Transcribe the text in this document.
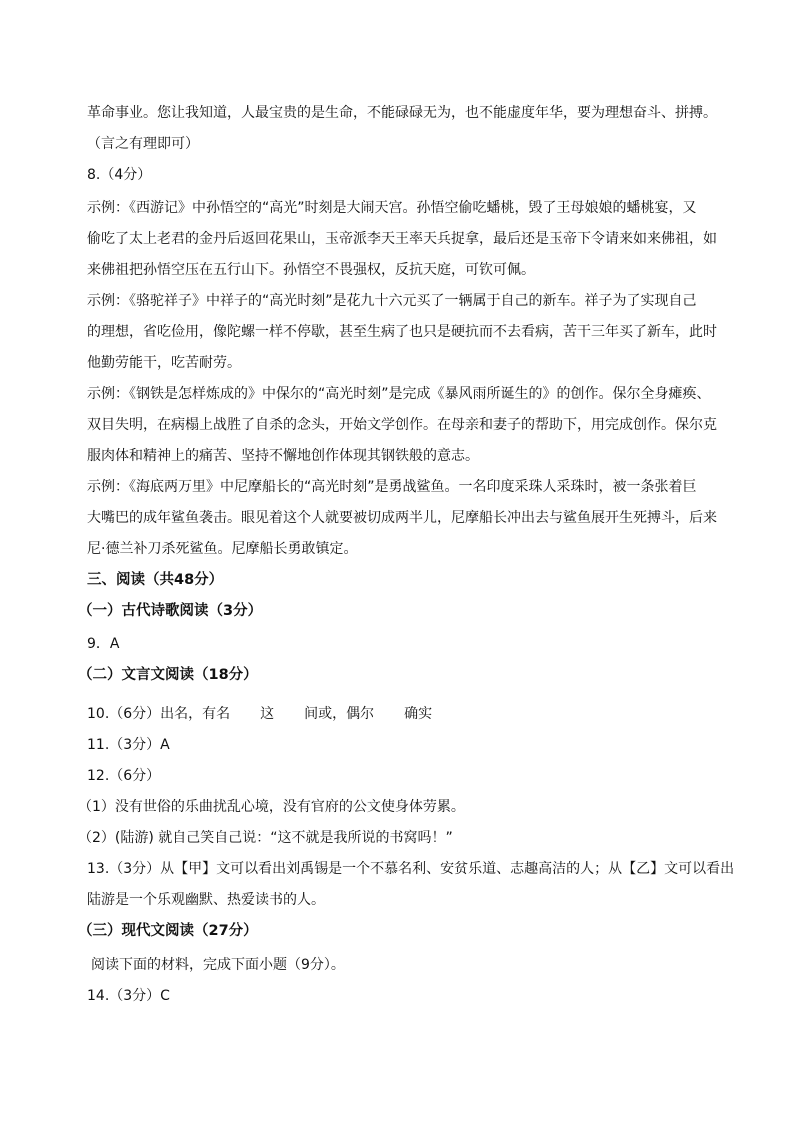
革命事业。您让我知道，人最宝贵的是生命，不能碌碌无为，也不能虚度年华，要为理想奋斗、拼搏。
（言之有理即可）
8.（4分）
示例：《西游记》中孙悟空的“高光”时刻是大闹天宫。孙悟空偷吃蟠桃，毁了王母娘娘的蟠桃宴，又
偷吃了太上老君的金丹后返回花果山，玉帝派李天王率天兵捉拿，最后还是玉帝下令请来如来佛祖，如
来佛祖把孙悟空压在五行山下。孙悟空不畏强权，反抗天庭，可钦可佩。
示例：《骆驼祥子》中祥子的“高光时刻”是花九十六元买了一辆属于自己的新车。祥子为了实现自己
的理想，省吃俭用，像陀螺一样不停歇，甚至生病了也只是硬抗而不去看病，苦干三年买了新车，此时
他勤劳能干，吃苦耐劳。
示例：《钢铁是怎样炼成的》中保尔的“高光时刻”是完成《暴风雨所诞生的》的创作。保尔全身瘫痪、
双目失明，在病榻上战胜了自杀的念头，开始文学创作。在母亲和妻子的帮助下，用完成创作。保尔克
服肉体和精神上的痛苦、坚持不懈地创作体现其钢铁般的意志。
示例：《海底两万里》中尼摩船长的“高光时刻”是勇战鲨鱼。一名印度采珠人采珠时，被一条张着巨
大嘴巴的成年鲨鱼袭击。眼见着这个人就要被切成两半儿，尼摩船长冲出去与鲨鱼展开生死搏斗，后来
尼·德兰补刀杀死鲨鱼。尼摩船长勇敢镇定。
三、阅读（共48分）
（一）古代诗歌阅读（3分）
9．A
（二）文言文阅读（18分）
10.（6分）出名，有名 这 间或，偶尔 确实
11.（3分）A
12.（6分）
（1）没有世俗的乐曲扰乱心境，没有官府的公文使身体劳累。
（2）(陆游) 就自己笑自己说：“这不就是我所说的书窝吗！”
13.（3分）从【甲】文可以看出刘禹锡是一个不慕名利、安贫乐道、志趣高洁的人；从【乙】文可以看出
陆游是一个乐观幽默、热爱读书的人。
（三）现代文阅读（27分）
阅读下面的材料，完成下面小题（9分）。
14.（3分）C
